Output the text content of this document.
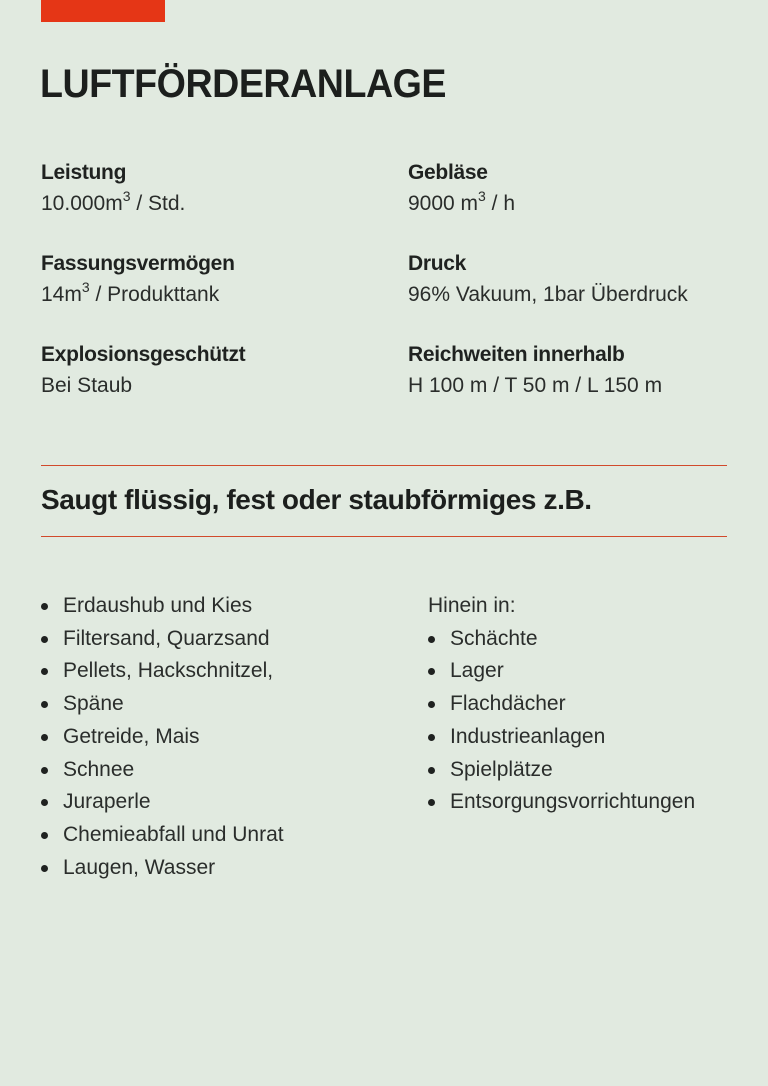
LUFTFÖRDERANLAGE
Leistung
$10.000m^3$ / Std.
Gebläse
9000 $m^3$ / h
Fassungsvermögen
$14m^3$ / Produkttank
Druck
96% Vakuum, 1bar Überdruck
Explosionsgeschützt
Bei Staub
Reichweiten innerhalb
H 100 m / T 50 m / L 150 m
Saugt flüssig, fest oder staubförmiges z.B.
Erdaushub und Kies
Filtersand, Quarzsand
Pellets, Hackschnitzel,
Späne
Getreide, Mais
Schnee
Juraperle
Chemieabfall und Unrat
Laugen, Wasser
Hinein in:
Schächte
Lager
Flachdächer
Industrieanlagen
Spielplätze
Entsorgungsvorrichtungen
